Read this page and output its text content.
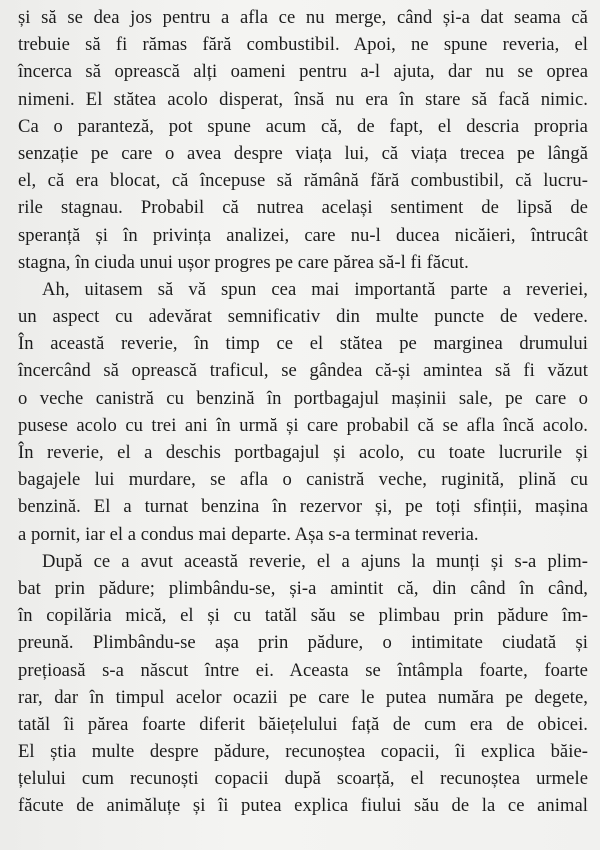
și să se dea jos pentru a afla ce nu merge, când și-a dat seama că
trebuie să fi rămas fără combustibil. Apoi, ne spune reveria, el
încerca să oprească alți oameni pentru a-l ajuta, dar nu se oprea
nimeni. El stătea acolo disperat, însă nu era în stare să facă nimic.
Ca o paranteză, pot spune acum că, de fapt, el descria propria
senzație pe care o avea despre viața lui, că viața trecea pe lângă
el, că era blocat, că începuse să rămână fără combustibil, că lucru-
rile stagnau. Probabil că nutrea același sentiment de lipsă de
speranță și în privința analizei, care nu-l ducea nicăieri, întrucât
stagna, în ciuda unui ușor progres pe care părea să-l fi făcut.

Ah, uitasem să vă spun cea mai importantă parte a reveriei,
un aspect cu adevărat semnificativ din multe puncte de vedere.
În această reverie, în timp ce el stătea pe marginea drumului
încercând să oprească traficul, se gândea că-și amintea să fi văzut
o veche canistră cu benzină în portbagajul mașinii sale, pe care o
pusese acolo cu trei ani în urmă și care probabil că se afla încă acolo.
În reverie, el a deschis portbagajul și acolo, cu toate lucrurile și
bagajele lui murdare, se afla o canistră veche, ruginită, plină cu
benzină. El a turnat benzina în rezervor și, pe toți sfinții, mașina
a pornit, iar el a condus mai departe. Așa s-a terminat reveria.

După ce a avut această reverie, el a ajuns la munți și s-a plim-
bat prin pădure; plimbându-se, și-a amintit că, din când în când,
în copilăria mică, el și cu tatăl său se plimbau prin pădure îm-
preună. Plimbându-se așa prin pădure, o intimitate ciudată și
prețioasă s-a născut între ei. Aceasta se întâmpla foarte, foarte
rar, dar în timpul acelor ocazii pe care le putea număra pe degete,
tatăl îi părea foarte diferit băiețelului față de cum era de obicei.
El știa multe despre pădure, recunoștea copacii, îi explica băie-
țelului cum recunoști copacii după scoarță, el recunoștea urmele
făcute de animăluțe și îi putea explica fiului său de la ce animal
